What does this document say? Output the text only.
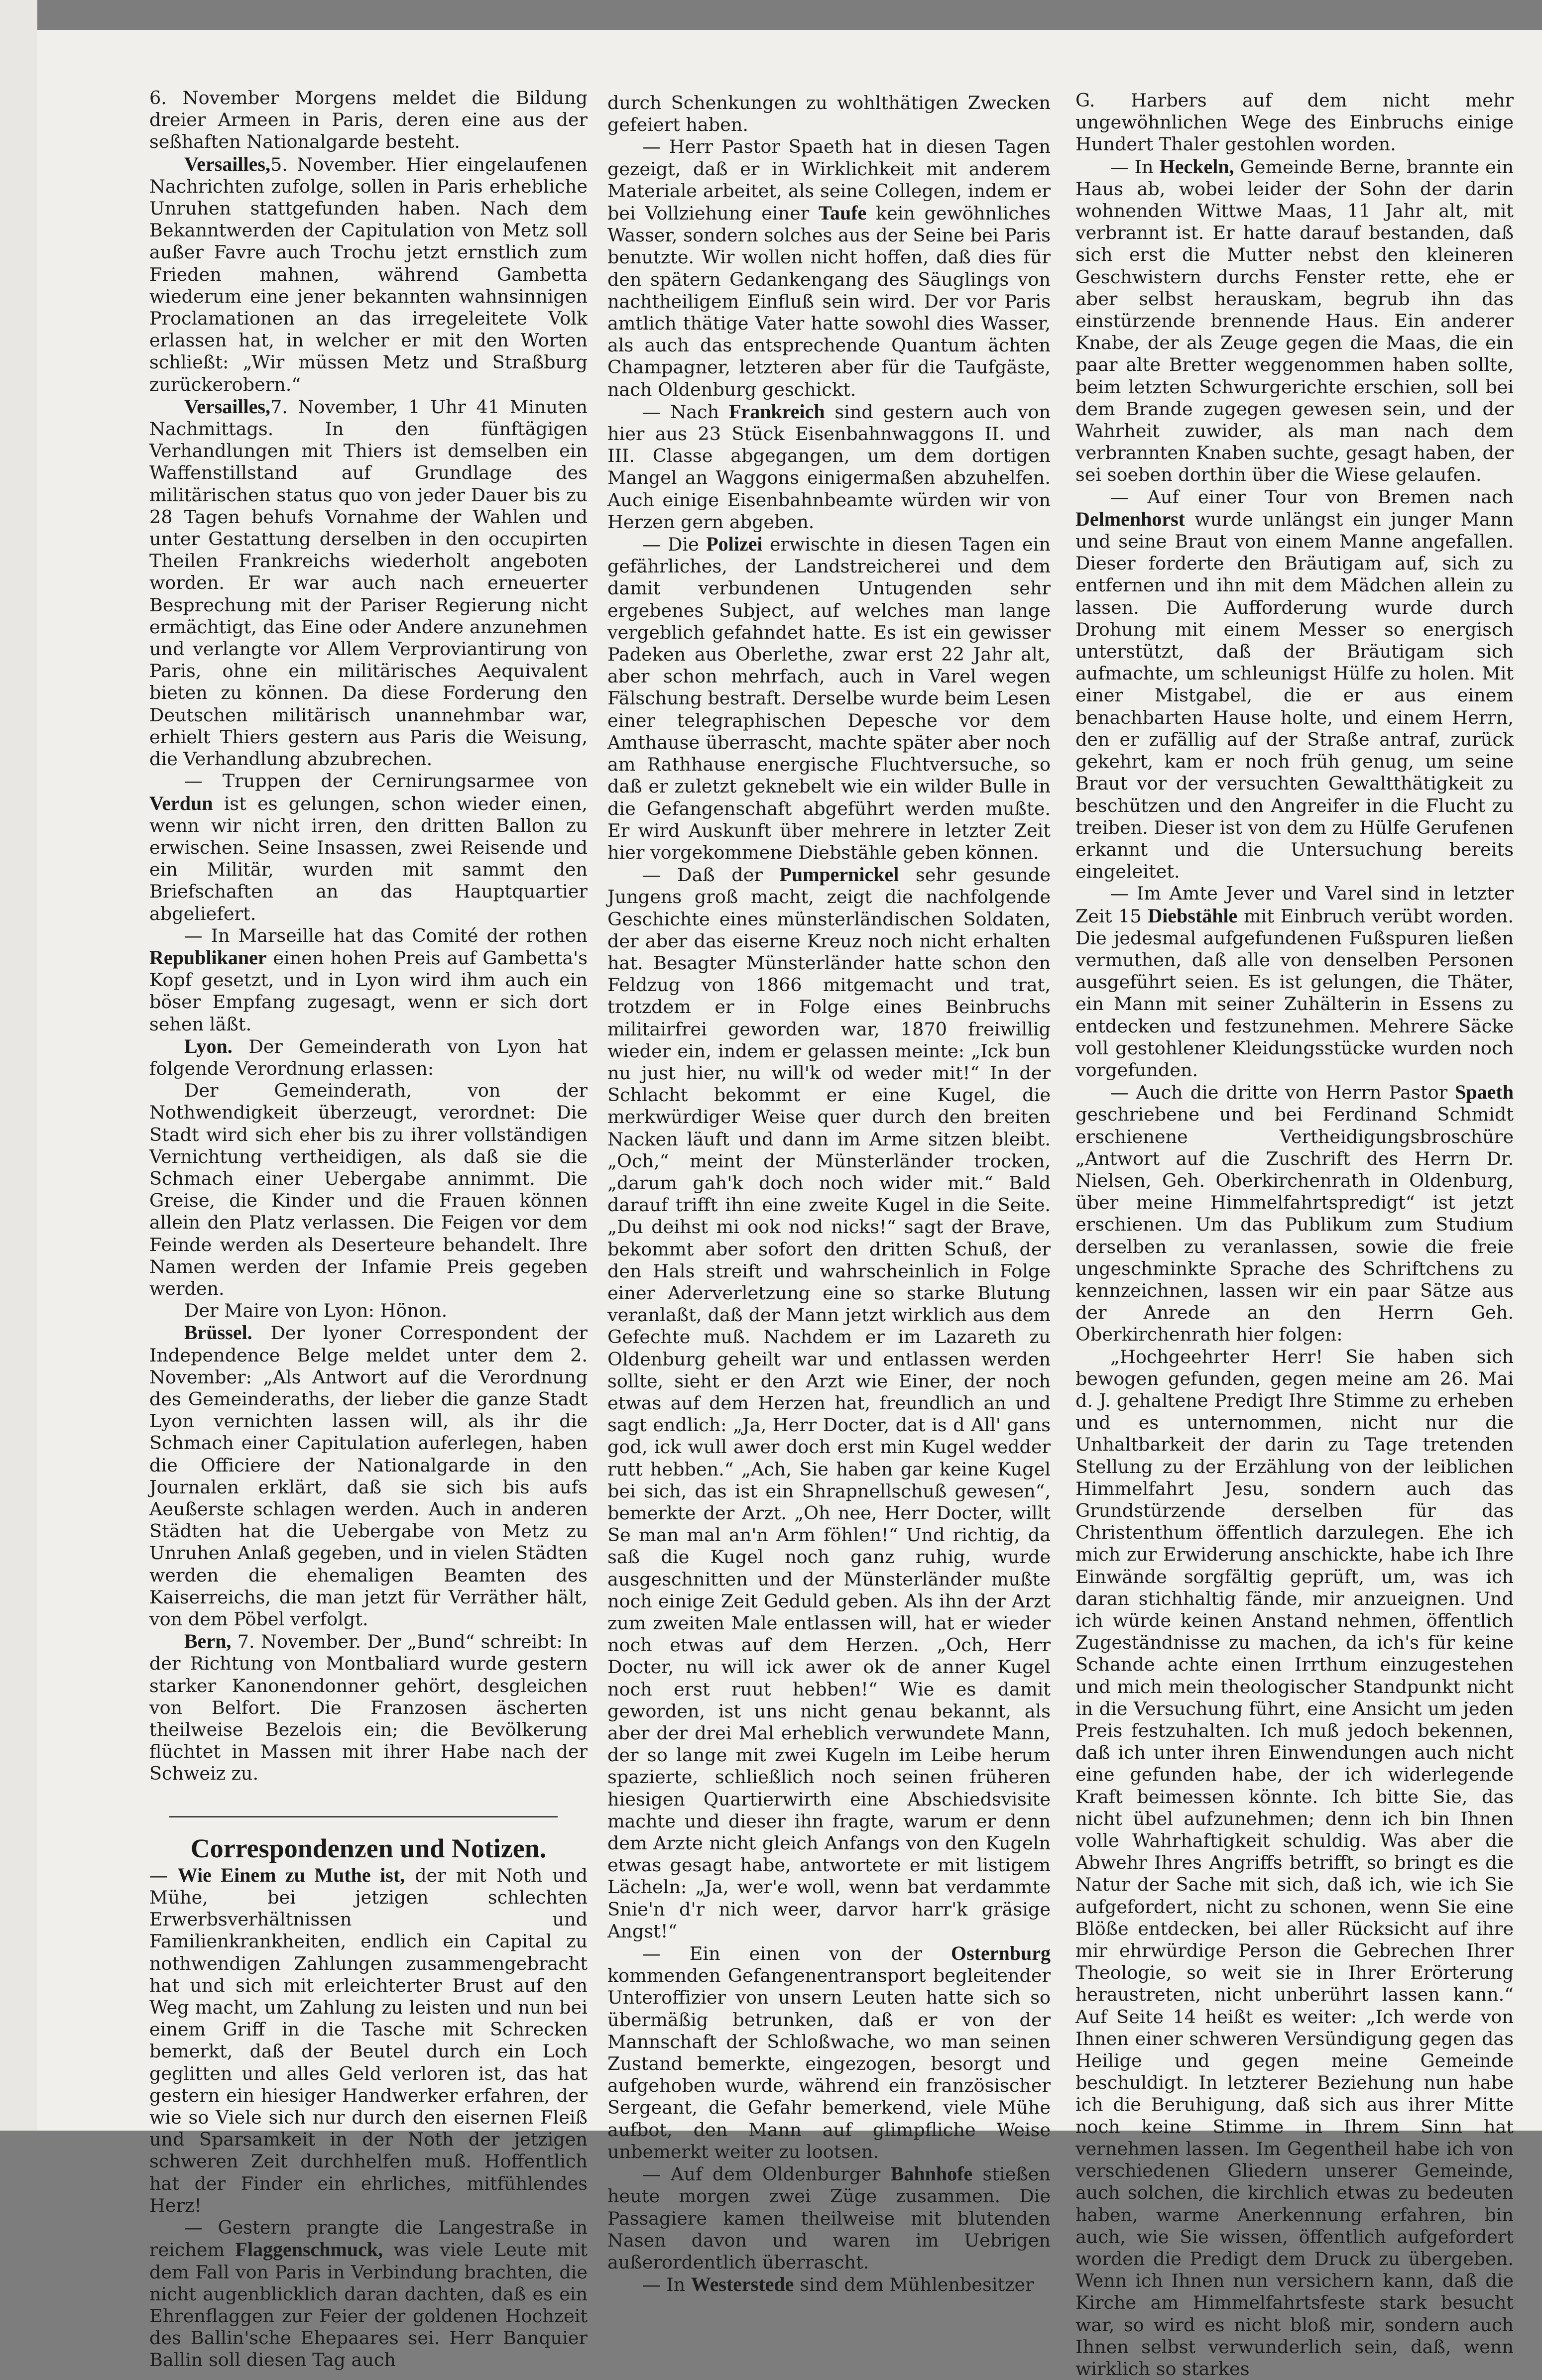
6. November Morgens meldet die Bildung dreier Armeen in Paris, deren eine aus der seßhaften Nationalgarde besteht.

Versailles,5. November. Hier eingelaufenen Nachrichten zufolge, sollen in Paris erhebliche Unruhen stattgefunden haben. Nach dem Bekanntwerden der Capitulation von Metz soll außer Favre auch Trochu jetzt ernstlich zum Frieden mahnen, während Gambetta wiederum eine jener bekannten wahnsinnigen Proclamationen an das irregeleitete Volk erlassen hat, in welcher er mit den Worten schließt: „Wir müssen Metz und Straßburg zurückerobern.“

Versailles,7. November, 1 Uhr 41 Minuten Nachmittags. In den fünftägigen Verhandlungen mit Thiers ist demselben ein Waffenstillstand auf Grundlage des militärischen status quo von jeder Dauer bis zu 28 Tagen behufs Vornahme der Wahlen und unter Gestattung derselben in den occupirten Theilen Frankreichs wiederholt angeboten worden. Er war auch nach erneuerter Besprechung mit der Pariser Regierung nicht ermächtigt, das Eine oder Andere anzunehmen und verlangte vor Allem Verproviantirung von Paris, ohne ein militärisches Aequivalent bieten zu können. Da diese Forderung den Deutschen militärisch unannehmbar war, erhielt Thiers gestern aus Paris die Weisung, die Verhandlung abzubrechen.

— Truppen der Cernirungsarmee von Verdun ist es gelungen, schon wieder einen, wenn wir nicht irren, den dritten Ballon zu erwischen. Seine Insassen, zwei Reisende und ein Militär, wurden mit sammt den Briefschaften an das Hauptquartier abgeliefert.

— In Marseille hat das Comité der rothen Republikaner einen hohen Preis auf Gambetta's Kopf gesetzt, und in Lyon wird ihm auch ein böser Empfang zugesagt, wenn er sich dort sehen läßt.

Lyon. Der Gemeinderath von Lyon hat folgende Verordnung erlassen:

Der Gemeinderath, von der Nothwendigkeit überzeugt, verordnet: Die Stadt wird sich eher bis zu ihrer vollständigen Vernichtung vertheidigen, als daß sie die Schmach einer Uebergabe annimmt. Die Greise, die Kinder und die Frauen können allein den Platz verlassen. Die Feigen vor dem Feinde werden als Deserteure behandelt. Ihre Namen werden der Infamie Preis gegeben werden.

Der Maire von Lyon: Hönon.

Brüssel. Der lyoner Correspondent der Independence Belge meldet unter dem 2. November: „Als Antwort auf die Verordnung des Gemeinderaths, der lieber die ganze Stadt Lyon vernichten lassen will, als ihr die Schmach einer Capitulation auferlegen, haben die Officiere der Nationalgarde in den Journalen erklärt, daß sie sich bis aufs Aeußerste schlagen werden. Auch in anderen Städten hat die Uebergabe von Metz zu Unruhen Anlaß gegeben, und in vielen Städten werden die ehemaligen Beamten des Kaiserreichs, die man jetzt für Verräther hält, von dem Pöbel verfolgt.

Bern, 7. November. Der „Bund“ schreibt: In der Richtung von Montbaliard wurde gestern starker Kanonendonner gehört, desgleichen von Belfort. Die Franzosen äscherten theilweise Bezelois ein; die Bevölkerung flüchtet in Massen mit ihrer Habe nach der Schweiz zu.

Correspondenzen und Notizen.

— Wie Einem zu Muthe ist, der mit Noth und Mühe, bei jetzigen schlechten Erwerbsverhältnissen und Familienkrankheiten, endlich ein Capital zu nothwendigen Zahlungen zusammengebracht hat und sich mit erleichterter Brust auf den Weg macht, um Zahlung zu leisten und nun bei einem Griff in die Tasche mit Schrecken bemerkt, daß der Beutel durch ein Loch geglitten und alles Geld verloren ist, das hat gestern ein hiesiger Handwerker erfahren, der wie so Viele sich nur durch den eisernen Fleiß und Sparsamkeit in der Noth der jetzigen schweren Zeit durchhelfen muß. Hoffentlich hat der Finder ein ehrliches, mitfühlendes Herz!

— Gestern prangte die Langestraße in reichem Flaggenschmuck, was viele Leute mit dem Fall von Paris in Verbindung brachten, die nicht augenblicklich daran dachten, daß es ein Ehrenflaggen zur Feier der goldenen Hochzeit des Ballin'sche Ehepaares sei. Herr Banquier Ballin soll diesen Tag auch

durch Schenkungen zu wohlthätigen Zwecken gefeiert haben.

— Herr Pastor Spaeth hat in diesen Tagen gezeigt, daß er in Wirklichkeit mit anderem Materiale arbeitet, als seine Collegen, indem er bei Vollziehung einer Taufe kein gewöhnliches Wasser, sondern solches aus der Seine bei Paris benutzte. Wir wollen nicht hoffen, daß dies für den spätern Gedankengang des Säuglings von nachtheiligem Einfluß sein wird. Der vor Paris amtlich thätige Vater hatte sowohl dies Wasser, als auch das entsprechende Quantum ächten Champagner, letzteren aber für die Taufgäste, nach Oldenburg geschickt.

— Nach Frankreich sind gestern auch von hier aus 23 Stück Eisenbahnwaggons II. und III. Classe abgegangen, um dem dortigen Mangel an Waggons einigermaßen abzuhelfen. Auch einige Eisenbahnbeamte würden wir von Herzen gern abgeben.

— Die Polizei erwischte in diesen Tagen ein gefährliches, der Landstreicherei und dem damit verbundenen Untugenden sehr ergebenes Subject, auf welches man lange vergeblich gefahndet hatte. Es ist ein gewisser Padeken aus Oberlethe, zwar erst 22 Jahr alt, aber schon mehrfach, auch in Varel wegen Fälschung bestraft. Derselbe wurde beim Lesen einer telegraphischen Depesche vor dem Amthause überrascht, machte später aber noch am Rathhause energische Fluchtversuche, so daß er zuletzt geknebelt wie ein wilder Bulle in die Gefangenschaft abgeführt werden mußte. Er wird Auskunft über mehrere in letzter Zeit hier vorgekommene Diebstähle geben können.

— Daß der Pumpernickel sehr gesunde Jungens groß macht, zeigt die nachfolgende Geschichte eines münsterländischen Soldaten, der aber das eiserne Kreuz noch nicht erhalten hat. Besagter Münsterländer hatte schon den Feldzug von 1866 mitgemacht und trat, trotzdem er in Folge eines Beinbruchs militairfrei geworden war, 1870 freiwillig wieder ein, indem er gelassen meinte: „Ick bun nu just hier, nu will'k od weder mit!“ In der Schlacht bekommt er eine Kugel, die merkwürdiger Weise quer durch den breiten Nacken läuft und dann im Arme sitzen bleibt. „Och,“ meint der Münsterländer trocken, „darum gah'k doch noch wider mit.“ Bald darauf trifft ihn eine zweite Kugel in die Seite. „Du deihst mi ook nod nicks!“ sagt der Brave, bekommt aber sofort den dritten Schuß, der den Hals streift und wahrscheinlich in Folge einer Aderverletzung eine so starke Blutung veranlaßt, daß der Mann jetzt wirklich aus dem Gefechte muß. Nachdem er im Lazareth zu Oldenburg geheilt war und entlassen werden sollte, sieht er den Arzt wie Einer, der noch etwas auf dem Herzen hat, freundlich an und sagt endlich: „Ja, Herr Docter, dat is d All' gans god, ick wull awer doch erst min Kugel wedder rutt hebben.“ „Ach, Sie haben gar keine Kugel bei sich, das ist ein Shrapnellschuß gewesen“, bemerkte der Arzt. „Oh nee, Herr Docter, willt Se man mal an'n Arm föhlen!“ Und richtig, da saß die Kugel noch ganz ruhig, wurde ausgeschnitten und der Münsterländer mußte noch einige Zeit Geduld geben. Als ihn der Arzt zum zweiten Male entlassen will, hat er wieder noch etwas auf dem Herzen. „Och, Herr Docter, nu will ick awer ok de anner Kugel noch erst ruut hebben!“ Wie es damit geworden, ist uns nicht genau bekannt, als aber der drei Mal erheblich verwundete Mann, der so lange mit zwei Kugeln im Leibe herum spazierte, schließlich noch seinen früheren hiesigen Quartierwirth eine Abschiedsvisite machte und dieser ihn fragte, warum er denn dem Arzte nicht gleich Anfangs von den Kugeln etwas gesagt habe, antwortete er mit listigem Lächeln: „Ja, wer'e woll, wenn bat verdammte Snie'n d'r nich weer, darvor harr'k gräsige Angst!“

— Ein einen von der Osternburg kommenden Gefangenentransport begleitender Unteroffizier von unsern Leuten hatte sich so übermäßig betrunken, daß er von der Mannschaft der Schloßwache, wo man seinen Zustand bemerkte, eingezogen, besorgt und aufgehoben wurde, während ein französischer Sergeant, die Gefahr bemerkend, viele Mühe aufbot, den Mann auf glimpfliche Weise unbemerkt weiter zu lootsen.

— Auf dem Oldenburger Bahnhofe stießen heute morgen zwei Züge zusammen. Die Passagiere kamen theilweise mit blutenden Nasen davon und waren im Uebrigen außerordentlich überrascht.

— In Westerstede sind dem Mühlenbesitzer

G. Harbers auf dem nicht mehr ungewöhnlichen Wege des Einbruchs einige Hundert Thaler gestohlen worden.

— In Heckeln, Gemeinde Berne, brannte ein Haus ab, wobei leider der Sohn der darin wohnenden Wittwe Maas, 11 Jahr alt, mit verbrannt ist. Er hatte darauf bestanden, daß sich erst die Mutter nebst den kleineren Geschwistern durchs Fenster rette, ehe er aber selbst herauskam, begrub ihn das einstürzende brennende Haus. Ein anderer Knabe, der als Zeuge gegen die Maas, die ein paar alte Bretter weggenommen haben sollte, beim letzten Schwurgerichte erschien, soll bei dem Brande zugegen gewesen sein, und der Wahrheit zuwider, als man nach dem verbrannten Knaben suchte, gesagt haben, der sei soeben dorthin über die Wiese gelaufen.

— Auf einer Tour von Bremen nach Delmenhorst wurde unlängst ein junger Mann und seine Braut von einem Manne angefallen. Dieser forderte den Bräutigam auf, sich zu entfernen und ihn mit dem Mädchen allein zu lassen. Die Aufforderung wurde durch Drohung mit einem Messer so energisch unterstützt, daß der Bräutigam sich aufmachte, um schleunigst Hülfe zu holen. Mit einer Mistgabel, die er aus einem benachbarten Hause holte, und einem Herrn, den er zufällig auf der Straße antraf, zurück gekehrt, kam er noch früh genug, um seine Braut vor der versuchten Gewaltthätigkeit zu beschützen und den Angreifer in die Flucht zu treiben. Dieser ist von dem zu Hülfe Gerufenen erkannt und die Untersuchung bereits eingeleitet.

— Im Amte Jever und Varel sind in letzter Zeit 15 Diebstähle mit Einbruch verübt worden. Die jedesmal aufgefundenen Fußspuren ließen vermuthen, daß alle von denselben Personen ausgeführt seien. Es ist gelungen, die Thäter, ein Mann mit seiner Zuhälterin in Essens zu entdecken und festzunehmen. Mehrere Säcke voll gestohlener Kleidungsstücke wurden noch vorgefunden.

— Auch die dritte von Herrn Pastor Spaeth geschriebene und bei Ferdinand Schmidt erschienene Vertheidigungsbroschüre „Antwort auf die Zuschrift des Herrn Dr. Nielsen, Geh. Oberkirchenrath in Oldenburg, über meine Himmelfahrtspredigt“ ist jetzt erschienen. Um das Publikum zum Studium derselben zu veranlassen, sowie die freie ungeschminkte Sprache des Schriftchens zu kennzeichnen, lassen wir ein paar Sätze aus der Anrede an den Herrn Geh. Oberkirchenrath hier folgen:

„Hochgeehrter Herr! Sie haben sich bewogen gefunden, gegen meine am 26. Mai d. J. gehaltene Predigt Ihre Stimme zu erheben und es unternommen, nicht nur die Unhaltbarkeit der darin zu Tage tretenden Stellung zu der Erzählung von der leiblichen Himmelfahrt Jesu, sondern auch das Grundstürzende derselben für das Christenthum öffentlich darzulegen. Ehe ich mich zur Erwiderung anschickte, habe ich Ihre Einwände sorgfältig geprüft, um, was ich daran stichhaltig fände, mir anzueignen. Und ich würde keinen Anstand nehmen, öffentlich Zugeständnisse zu machen, da ich's für keine Schande achte einen Irrthum einzugestehen und mich mein theologischer Standpunkt nicht in die Versuchung führt, eine Ansicht um jeden Preis festzuhalten. Ich muß jedoch bekennen, daß ich unter ihren Einwendungen auch nicht eine gefunden habe, der ich widerlegende Kraft beimessen könnte. Ich bitte Sie, das nicht übel aufzunehmen; denn ich bin Ihnen volle Wahrhaftigkeit schuldig. Was aber die Abwehr Ihres Angriffs betrifft, so bringt es die Natur der Sache mit sich, daß ich, wie ich Sie aufgefordert, nicht zu schonen, wenn Sie eine Blöße entdecken, bei aller Rücksicht auf ihre mir ehrwürdige Person die Gebrechen Ihrer Theologie, so weit sie in Ihrer Erörterung heraustreten, nicht unberührt lassen kann.“ Auf Seite 14 heißt es weiter: „Ich werde von Ihnen einer schweren Versündigung gegen das Heilige und gegen meine Gemeinde beschuldigt. In letzterer Beziehung nun habe ich die Beruhigung, daß sich aus ihrer Mitte noch keine Stimme in Ihrem Sinn hat vernehmen lassen. Im Gegentheil habe ich von verschiedenen Gliedern unserer Gemeinde, auch solchen, die kirchlich etwas zu bedeuten haben, warme Anerkennung erfahren, bin auch, wie Sie wissen, öffentlich aufgefordert worden die Predigt dem Druck zu übergeben. Wenn ich Ihnen nun versichern kann, daß die Kirche am Himmelfahrtsfeste stark besucht war, so wird es nicht bloß mir, sondern auch Ihnen selbst verwunderlich sein, daß, wenn wirklich so starkes
